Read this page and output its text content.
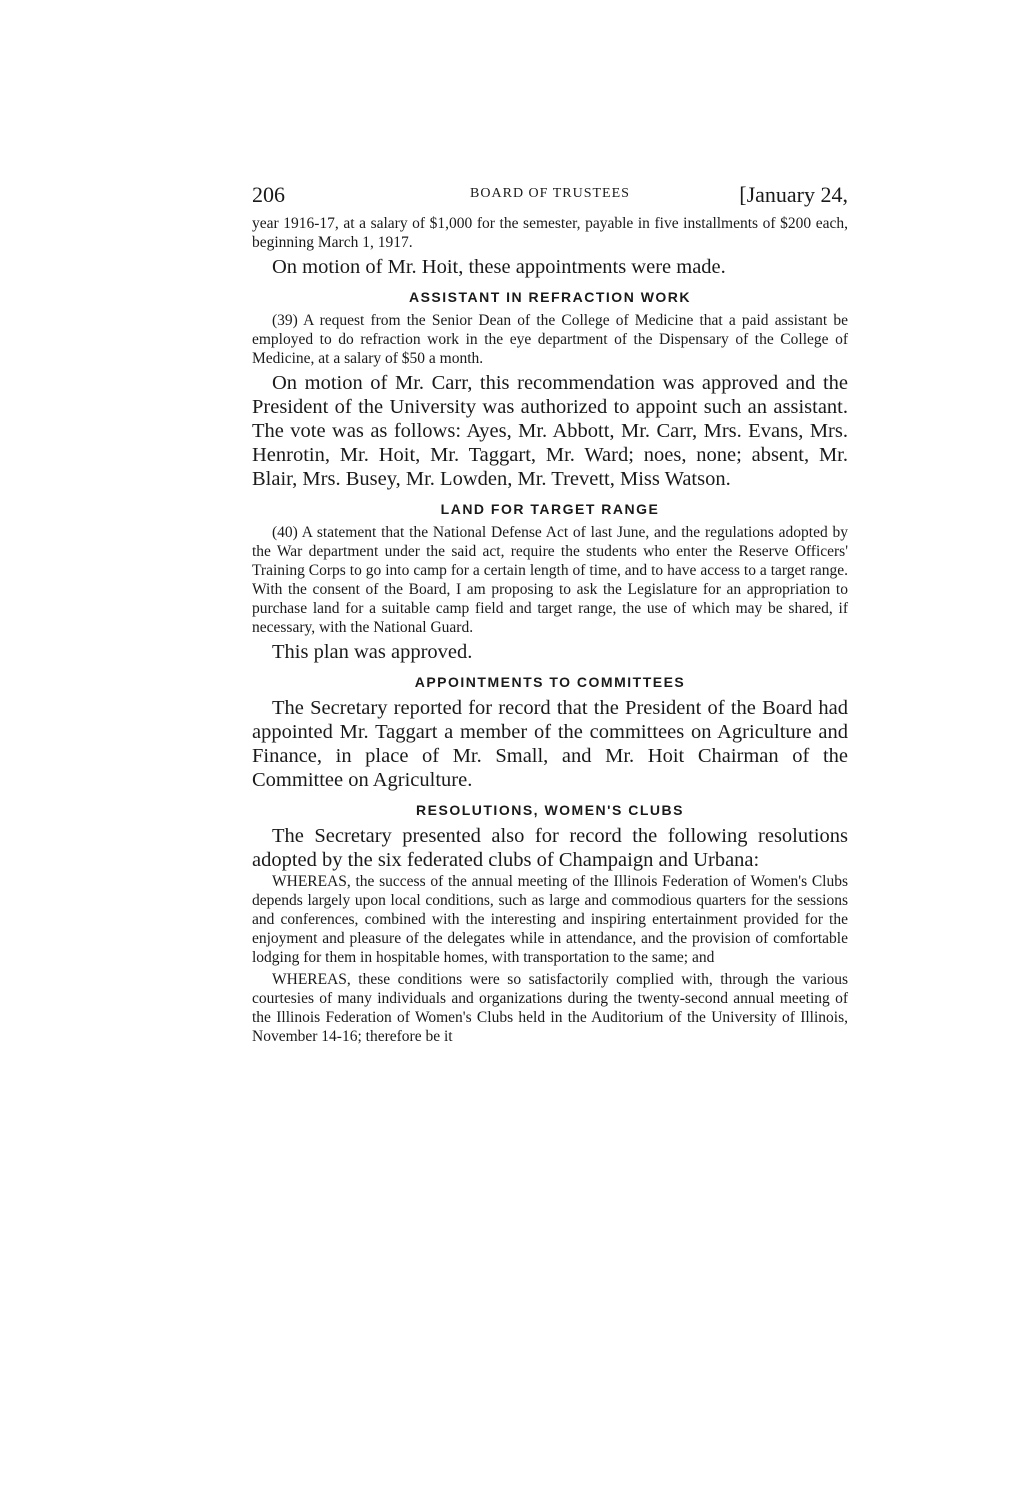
206	BOARD OF TRUSTEES	[January 24,

year 1916-17, at a salary of $1,000 for the semester, payable in five installments of $200 each, beginning March 1, 1917.

On motion of Mr. Hoit, these appointments were made.

ASSISTANT IN REFRACTION WORK

(39) A request from the Senior Dean of the College of Medicine that a paid assistant be employed to do refraction work in the eye department of the Dispensary of the College of Medicine, at a salary of $50 a month.

On motion of Mr. Carr, this recommendation was approved and the President of the University was authorized to appoint such an assistant. The vote was as follows: Ayes, Mr. Abbott, Mr. Carr, Mrs. Evans, Mrs. Henrotin, Mr. Hoit, Mr. Taggart, Mr. Ward; noes, none; absent, Mr. Blair, Mrs. Busey, Mr. Lowden, Mr. Trevett, Miss Watson.

LAND FOR TARGET RANGE

(40) A statement that the National Defense Act of last June, and the regulations adopted by the War department under the said act, require the students who enter the Reserve Officers' Training Corps to go into camp for a certain length of time, and to have access to a target range. With the consent of the Board, I am proposing to ask the Legislature for an appropriation to purchase land for a suitable camp field and target range, the use of which may be shared, if necessary, with the National Guard.

This plan was approved.

APPOINTMENTS TO COMMITTEES

The Secretary reported for record that the President of the Board had appointed Mr. Taggart a member of the committees on Agriculture and Finance, in place of Mr. Small, and Mr. Hoit Chairman of the Committee on Agriculture.

RESOLUTIONS, WOMEN'S CLUBS

The Secretary presented also for record the following resolutions adopted by the six federated clubs of Champaign and Urbana:

WHEREAS, the success of the annual meeting of the Illinois Federation of Women's Clubs depends largely upon local conditions, such as large and commodious quarters for the sessions and conferences, combined with the interesting and inspiring entertainment provided for the enjoyment and pleasure of the delegates while in attendance, and the provision of comfortable lodging for them in hospitable homes, with transportation to the same; and

WHEREAS, these conditions were so satisfactorily complied with, through the various courtesies of many individuals and organizations during the twenty-second annual meeting of the Illinois Federation of Women's Clubs held in the Auditorium of the University of Illinois, November 14-16; therefore be it
